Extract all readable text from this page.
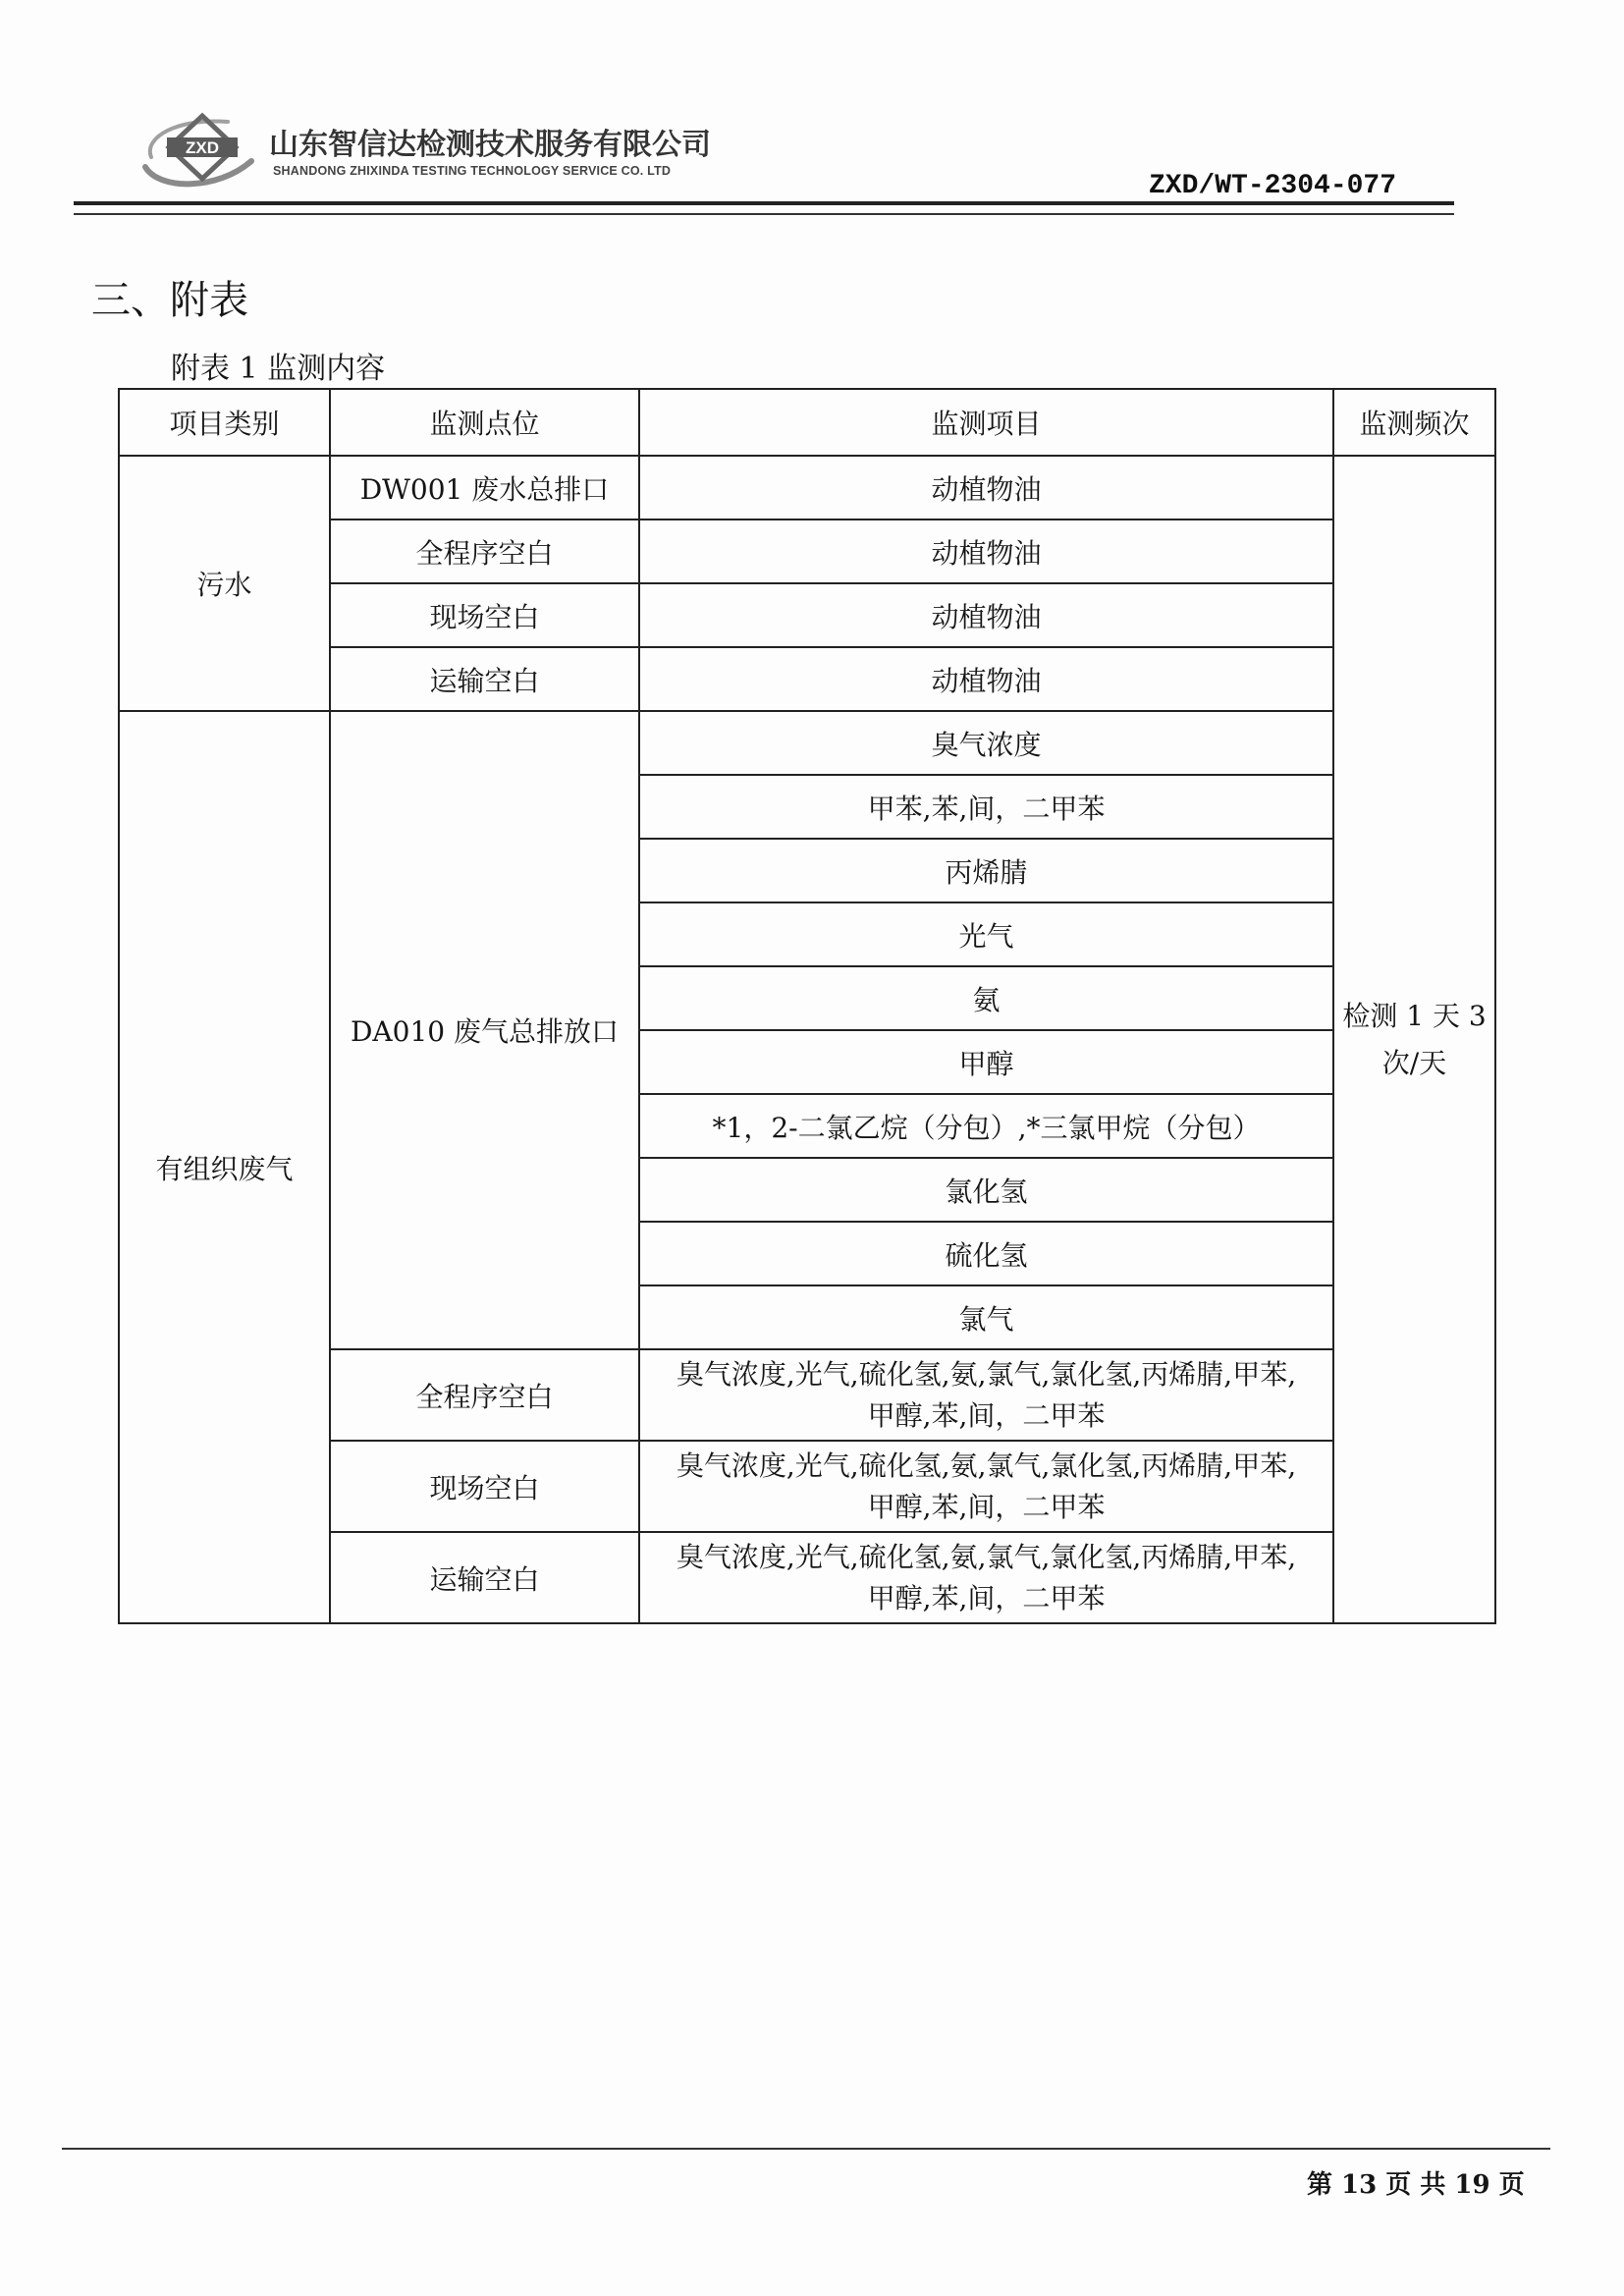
ZXD 山东智信达检测技术服务有限公司
SHANDONG ZHIXINDA TESTING TECHNOLOGY SERVICE CO. LTD	ZXD/WT-2304-077
三、附表
附表 1 监测内容
项目类别	监测点位	监测项目	监测频次
污水	DW001 废水总排口	动植物油	检测 1 天 3
次/天

	全程序空白	动植物油	
	现场空白	动植物油	
	运输空白	动植物油	
有组织废气	DA010 废气总排放口	臭气浓度	
		甲苯,苯,间，二甲苯	
		丙烯腈	
		光气	
		氨	
		甲醇	
		*1，2-二氯乙烷（分包）,*三氯甲烷（分包）	
		氯化氢	
		硫化氢	
		氯气	
	全程序空白	臭气浓度,光气,硫化氢,氨,氯气,氯化氢,丙烯腈,甲苯,
甲醇,苯,间，二甲苯	

	现场空白	臭气浓度,光气,硫化氢,氨,氯气,氯化氢,丙烯腈,甲苯,
甲醇,苯,间，二甲苯	

	运输空白	臭气浓度,光气,硫化氢,氨,氯气,氯化氢,丙烯腈,甲苯,
甲醇,苯,间，二甲苯	
第 13 页 共 19 页
